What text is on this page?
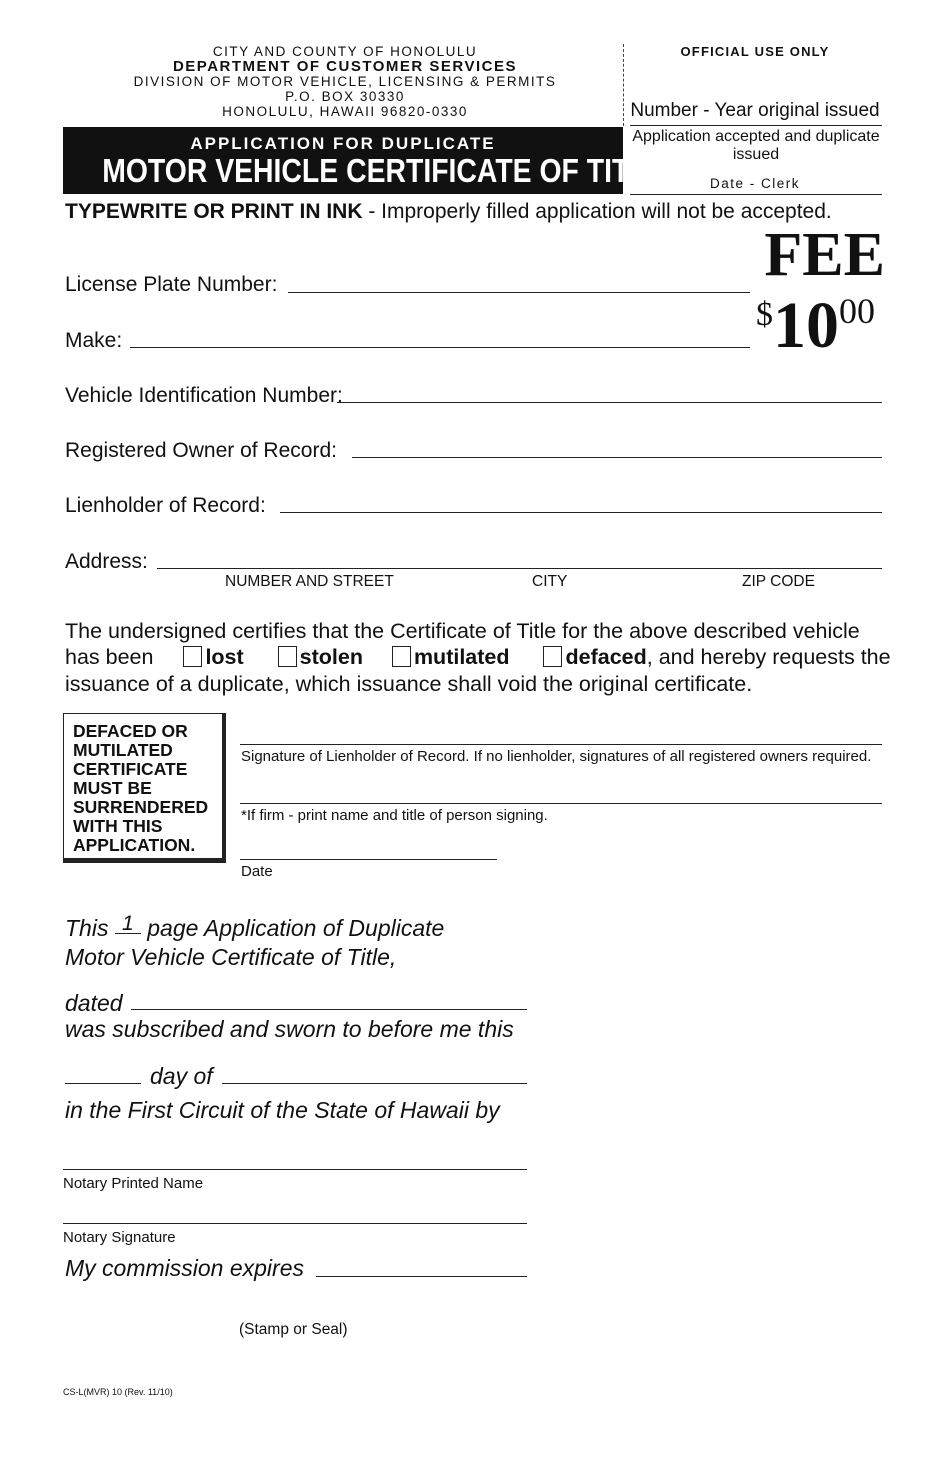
CITY AND COUNTY OF HONOLULU
DEPARTMENT OF CUSTOMER SERVICES
DIVISION OF MOTOR VEHICLE, LICENSING & PERMITS
P.O. BOX 30330
HONOLULU, HAWAII 96820-0330
OFFICIAL USE ONLY
Number - Year original issued
Application accepted and duplicate issued
Date - Clerk
APPLICATION FOR DUPLICATE
MOTOR VEHICLE CERTIFICATE OF TITLE
TYPEWRITE OR PRINT IN INK - Improperly filled application will not be accepted.
FEE
$1000
License Plate Number:
Make:
Vehicle Identification Number:
Registered Owner of Record:
Lienholder of Record:
Address:
NUMBER AND STREET	CITY	ZIP CODE
The undersigned certifies that the Certificate of Title for the above described vehicle
has been lost	stolen mutilated	defaced, and hereby requests the
issuance of a duplicate, which issuance shall void the original certificate.
DEFACED OR
MUTILATED
CERTIFICATE
MUST BE
SURRENDERED
WITH THIS
APPLICATION.
Signature of Lienholder of Record. If no lienholder, signatures of all registered owners required.
*If firm - print name and title of person signing.
Date
This 1 page Application of Duplicate
Motor Vehicle Certificate of Title,
dated
was subscribed and sworn to before me this
day of
in the First Circuit of the State of Hawaii by
Notary Printed Name
Notary Signature
My commission expires
(Stamp or Seal)
CS-L(MVR) 10 (Rev. 11/10)
